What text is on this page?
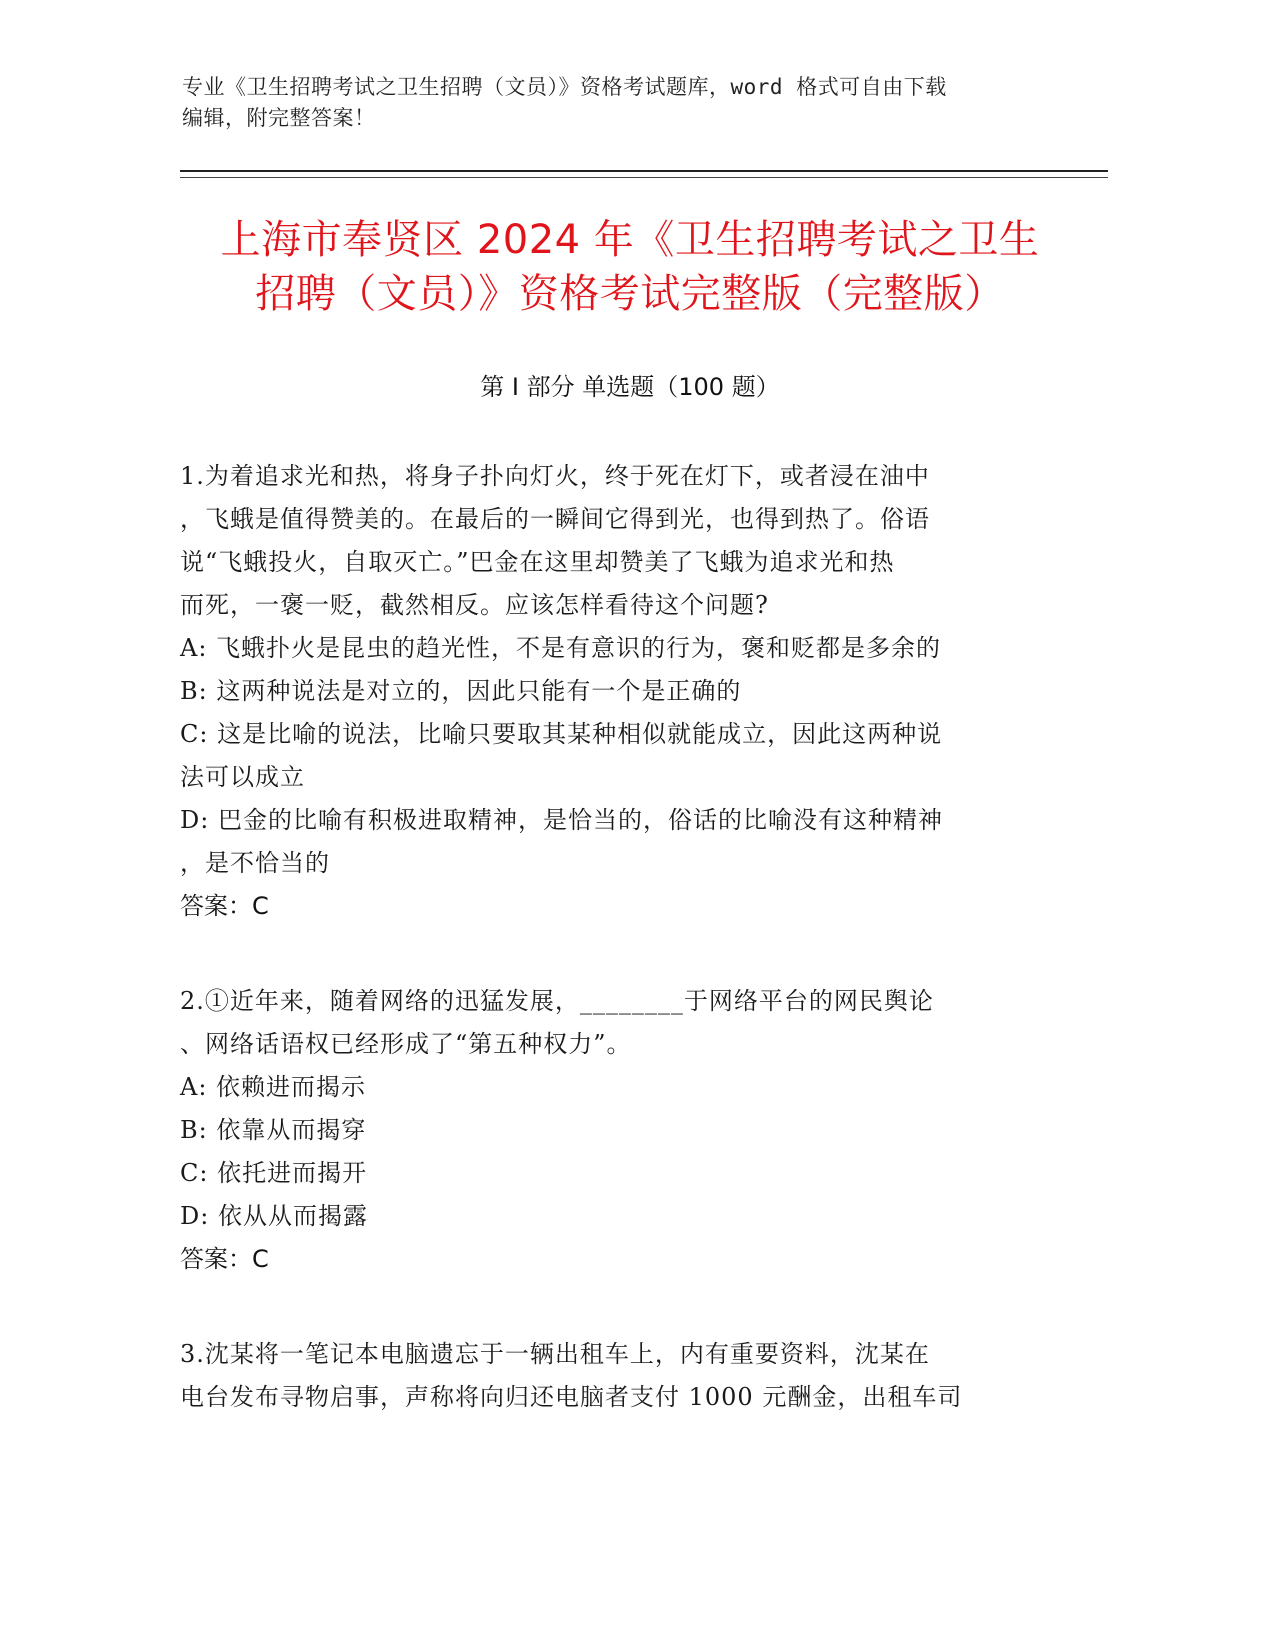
专业《卫生招聘考试之卫生招聘（文员）》资格考试题库，word 格式可自由下载
编辑，附完整答案！
上海市奉贤区 2024 年《卫生招聘考试之卫生
招聘（文员）》资格考试完整版（完整版）
第 I 部分 单选题（100 题）
1.为着追求光和热，将身子扑向灯火，终于死在灯下，或者浸在油中
，飞蛾是值得赞美的。在最后的一瞬间它得到光，也得到热了。俗语
说“飞蛾投火，自取灭亡。”巴金在这里却赞美了飞蛾为追求光和热
而死，一褒一贬，截然相反。应该怎样看待这个问题?
A: 飞蛾扑火是昆虫的趋光性，不是有意识的行为，褒和贬都是多余的
B: 这两种说法是对立的，因此只能有一个是正确的
C: 这是比喻的说法，比喻只要取其某种相似就能成立，因此这两种说
法可以成立
D: 巴金的比喻有积极进取精神，是恰当的，俗话的比喻没有这种精神
，是不恰当的
答案：C
2.①近年来，随着网络的迅猛发展，________于网络平台的网民舆论
、网络话语权已经形成了“第五种权力”。
A: 依赖进而揭示
B: 依靠从而揭穿
C: 依托进而揭开
D: 依从从而揭露
答案：C
3.沈某将一笔记本电脑遗忘于一辆出租车上，内有重要资料，沈某在
电台发布寻物启事，声称将向归还电脑者支付 1000 元酬金，出租车司
